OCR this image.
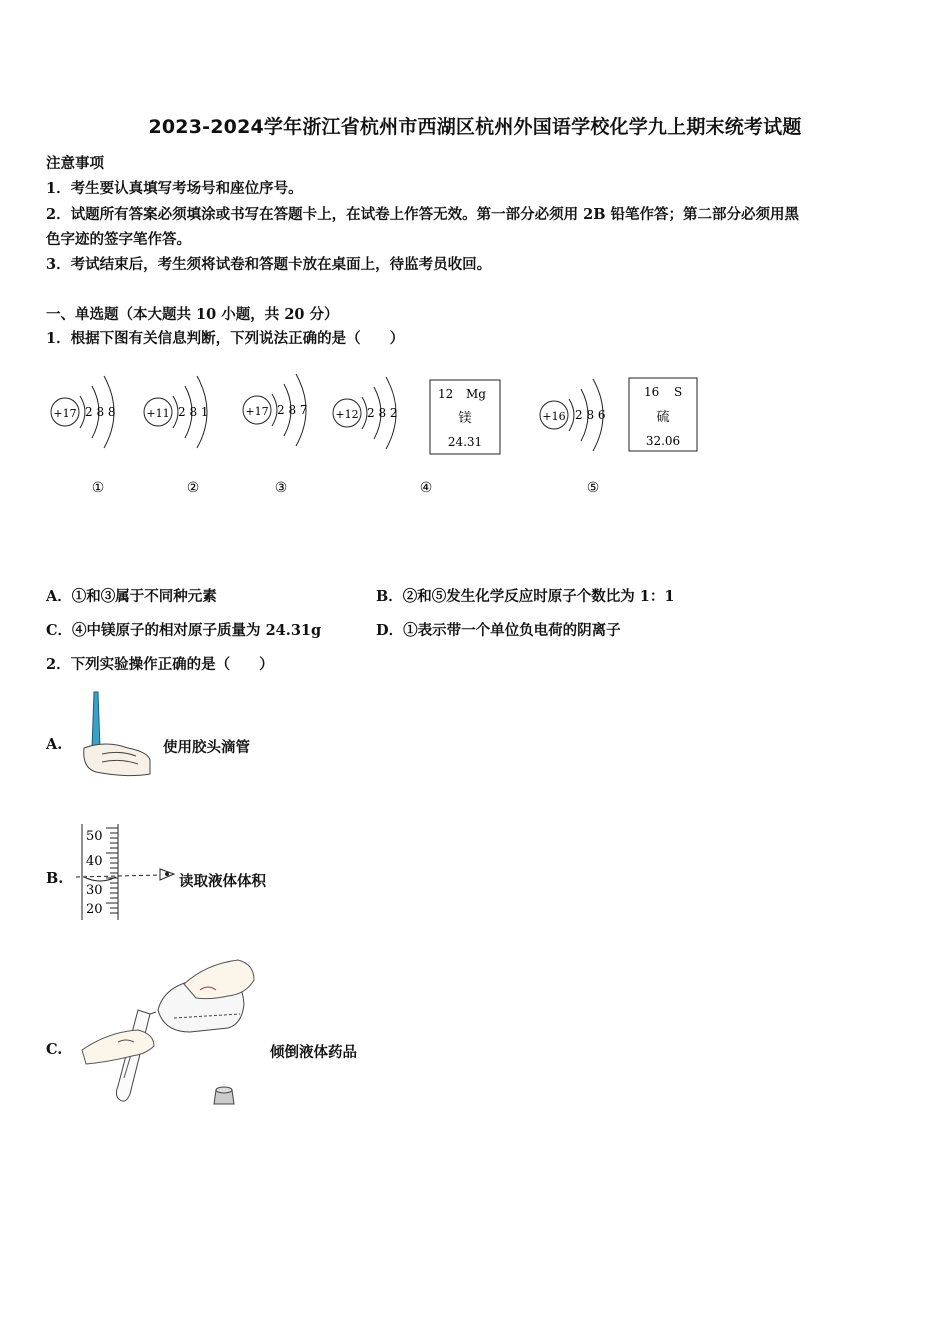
2023-2024学年浙江省杭州市西湖区杭州外国语学校化学九上期末统考试题
注意事项
1．考生要认真填写考场号和座位序号。
2．试题所有答案必须填涂或书写在答题卡上，在试卷上作答无效。第一部分必须用 2B 铅笔作答；第二部分必须用黑
色字迹的签字笔作答。
3．考试结束后，考生须将试卷和答题卡放在桌面上，待监考员收回。
一、单选题（本大题共 10 小题，共 20 分）
1．根据下图有关信息判断，下列说法正确的是（　　）
+17 2 8 8	+11 2 8 1	+17 2 8 7	+12 2 8 2
12 Mg
镁
24.31
+16 2 8 6
16 S
硫
32.06
①	②	③	④	⑤
A．①和③属于不同种元素	B．②和⑤发生化学反应时原子个数比为 1：1
C．④中镁原子的相对原子质量为 24.31g	D．①表示带一个单位负电荷的阴离子
2．下列实验操作正确的是（　　）
A.	使用胶头滴管
B.
50
40
30
20
读取液体体积
C.	倾倒液体药品
